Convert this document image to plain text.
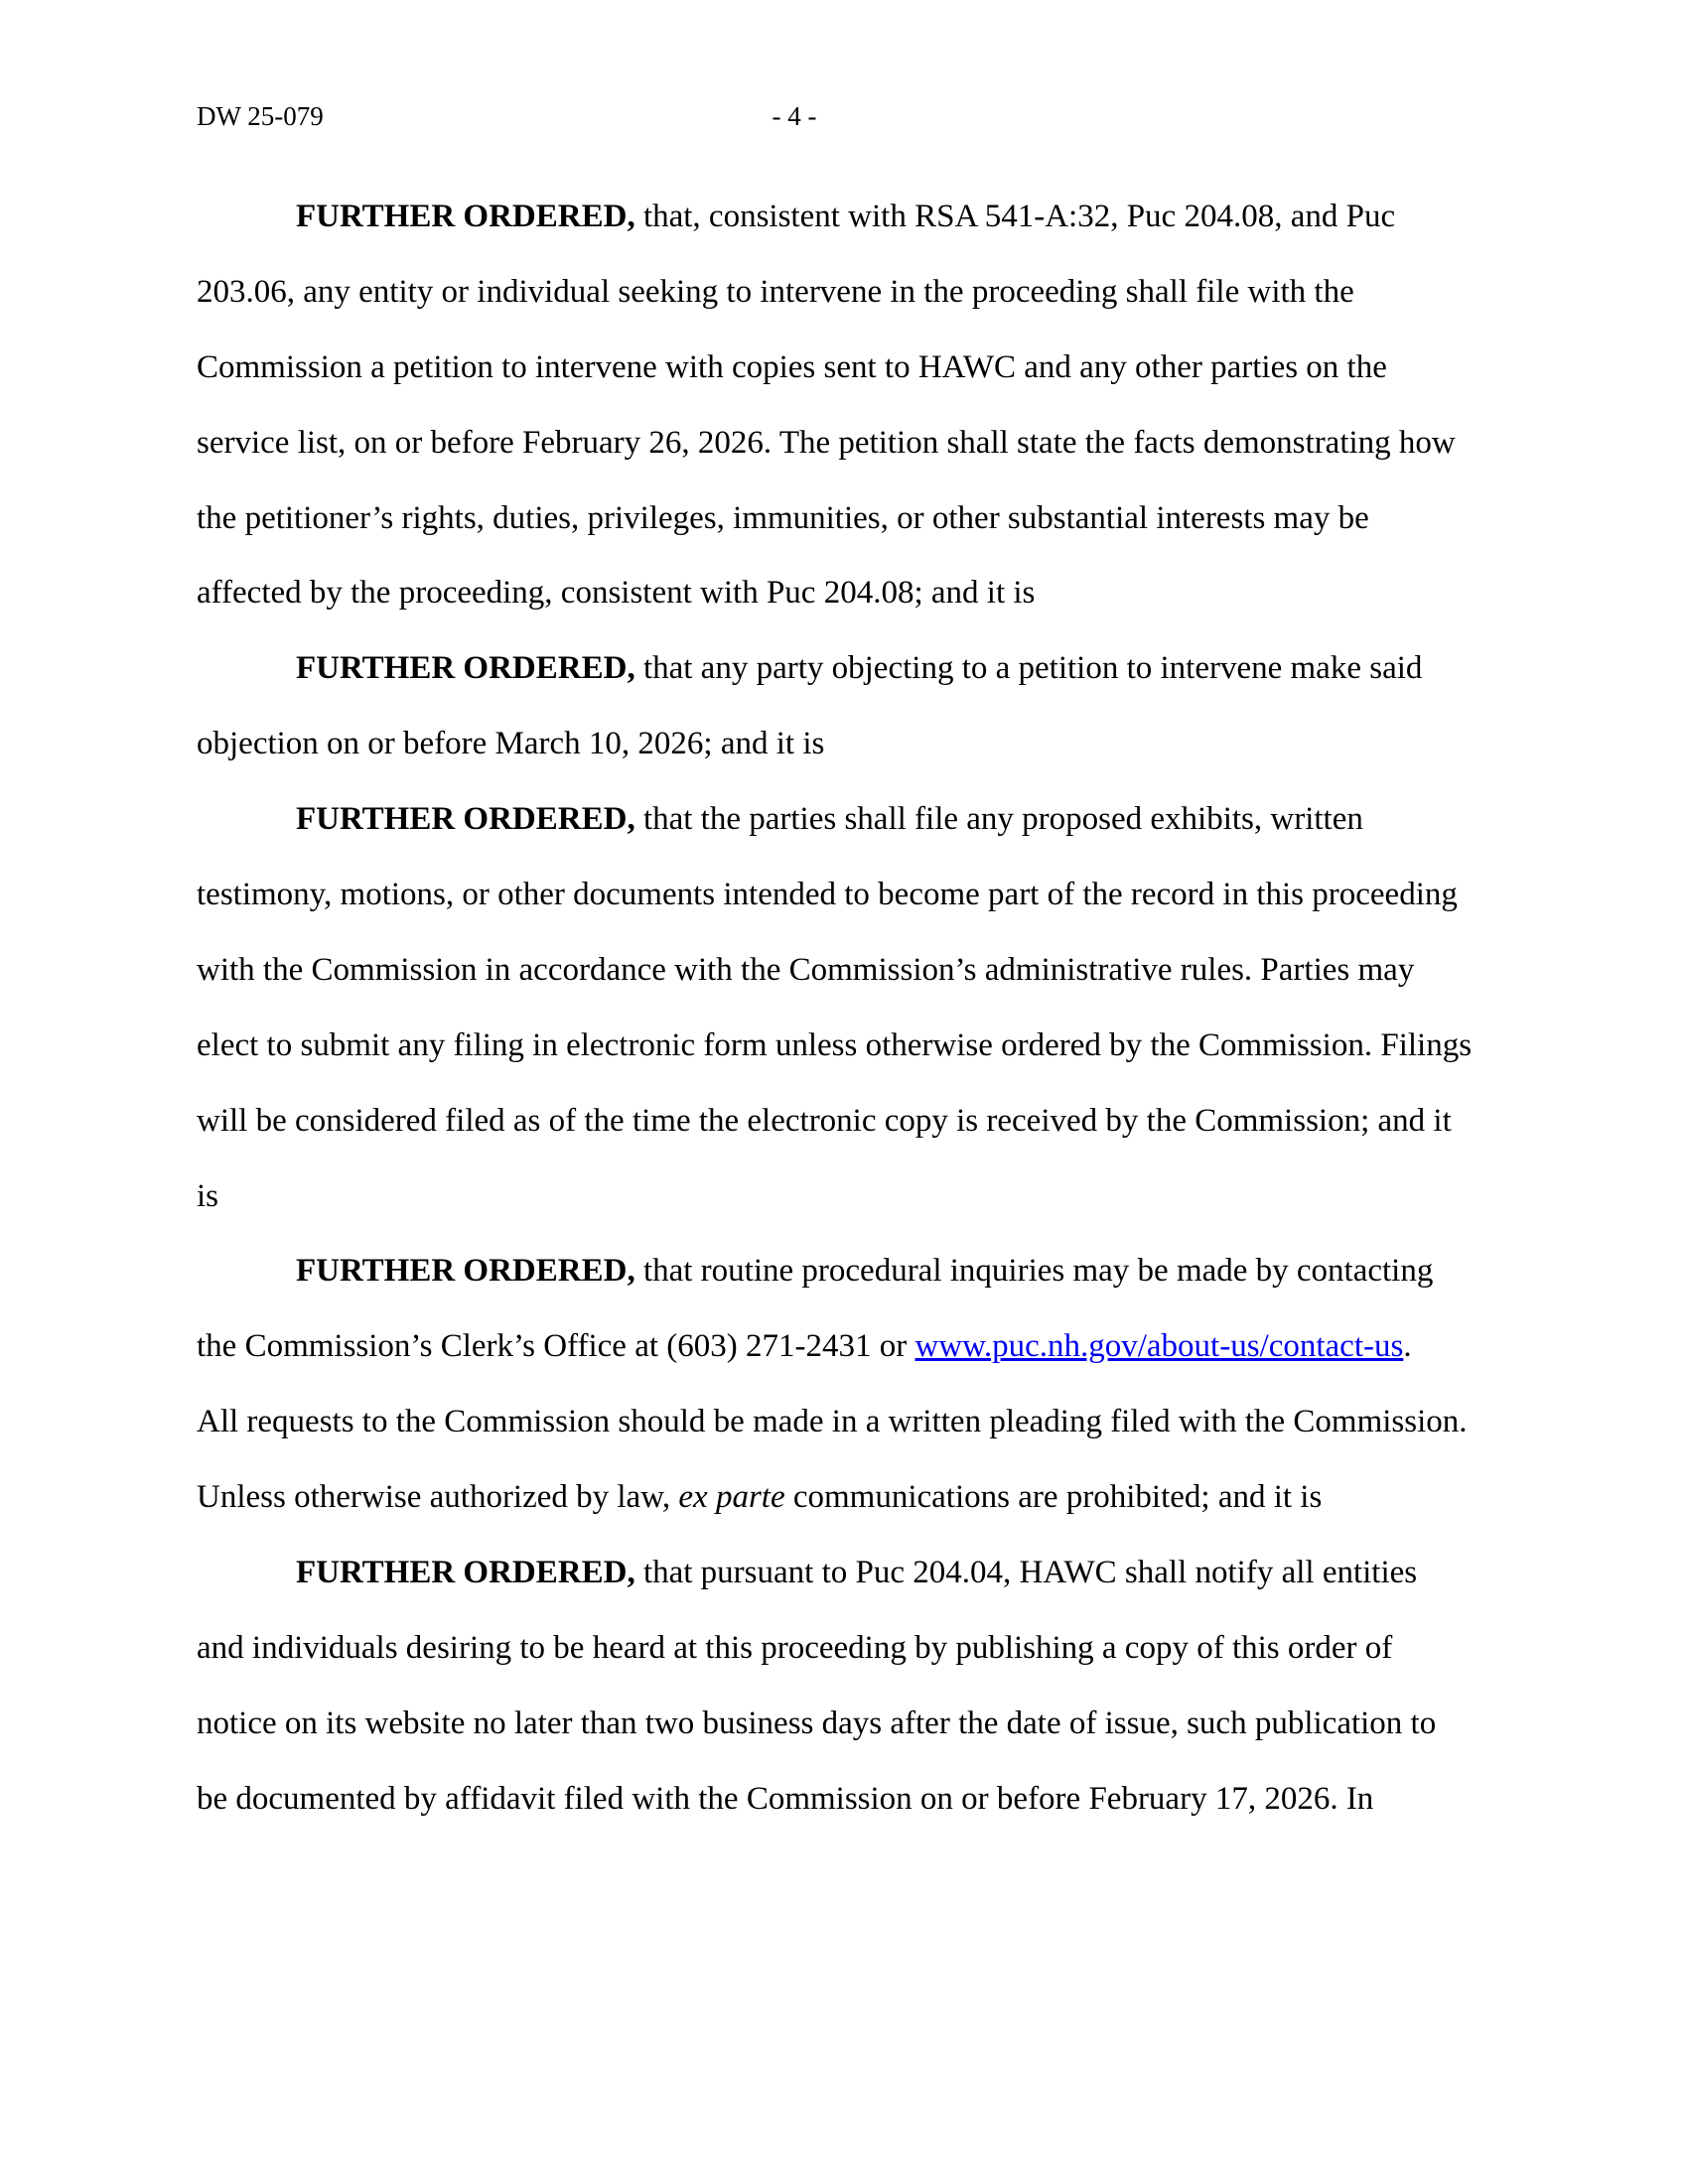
DW 25-079	- 4 -
FURTHER ORDERED, that, consistent with RSA 541-A:32, Puc 204.08, and Puc
203.06, any entity or individual seeking to intervene in the proceeding shall file with the
Commission a petition to intervene with copies sent to HAWC and any other parties on the
service list, on or before February 26, 2026. The petition shall state the facts demonstrating how
the petitioner’s rights, duties, privileges, immunities, or other substantial interests may be
affected by the proceeding, consistent with Puc 204.08; and it is
FURTHER ORDERED, that any party objecting to a petition to intervene make said
objection on or before March 10, 2026; and it is
FURTHER ORDERED, that the parties shall file any proposed exhibits, written
testimony, motions, or other documents intended to become part of the record in this proceeding
with the Commission in accordance with the Commission’s administrative rules. Parties may
elect to submit any filing in electronic form unless otherwise ordered by the Commission. Filings
will be considered filed as of the time the electronic copy is received by the Commission; and it
is
FURTHER ORDERED, that routine procedural inquiries may be made by contacting
the Commission’s Clerk’s Office at (603) 271-2431 or www.puc.nh.gov/about-us/contact-us.
All requests to the Commission should be made in a written pleading filed with the Commission.
Unless otherwise authorized by law, ex parte communications are prohibited; and it is
FURTHER ORDERED, that pursuant to Puc 204.04, HAWC shall notify all entities
and individuals desiring to be heard at this proceeding by publishing a copy of this order of
notice on its website no later than two business days after the date of issue, such publication to
be documented by affidavit filed with the Commission on or before February 17, 2026. In
